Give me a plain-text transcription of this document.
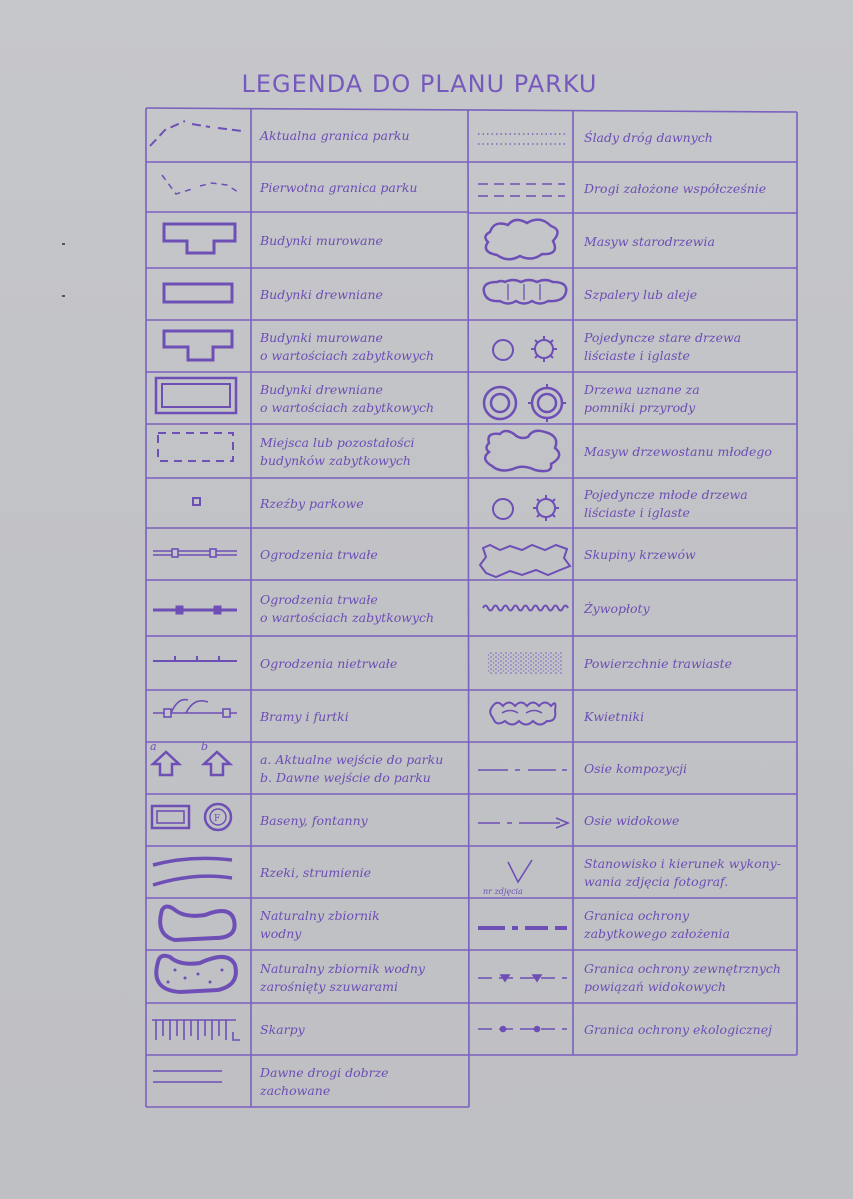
LEGENDA DO PLANU PARKU
a	b
F
nr zdjęcia
Aktualna granica parku
Pierwotna granica parku
Budynki murowane
Budynki drewniane
Budynki murowane
o wartościach zabytkowych
Budynki drewniane
o wartościach zabytkowych
Miejsca lub pozostałości
budynków zabytkowych
Rzeźby parkowe
Ogrodzenia trwałe
Ogrodzenia trwałe
o wartościach zabytkowych
Ogrodzenia nietrwałe
Bramy i furtki
a. Aktualne wejście do parku
b. Dawne wejście do parku
Baseny, fontanny
Rzeki, strumienie
Naturalny zbiornik
wodny
Naturalny zbiornik wodny
zarośnięty szuwarami
Skarpy
Dawne drogi dobrze
zachowane
Ślady dróg dawnych
Drogi założone współcześnie
Masyw starodrzewia
Szpalery lub aleje
Pojedyncze stare drzewa
liściaste i iglaste
Drzewa uznane za
pomniki przyrody
Masyw drzewostanu młodego
Pojedyncze młode drzewa
liściaste i iglaste
Skupiny krzewów
Żywopłoty
Powierzchnie trawiaste
Kwietniki
Osie kompozycji
Osie widokowe
Stanowisko i kierunek wykony-
wania zdjęcia fotograf.
Granica ochrony
zabytkowego założenia
Granica ochrony zewnętrznych
powiązań widokowych
Granica ochrony ekologicznej
